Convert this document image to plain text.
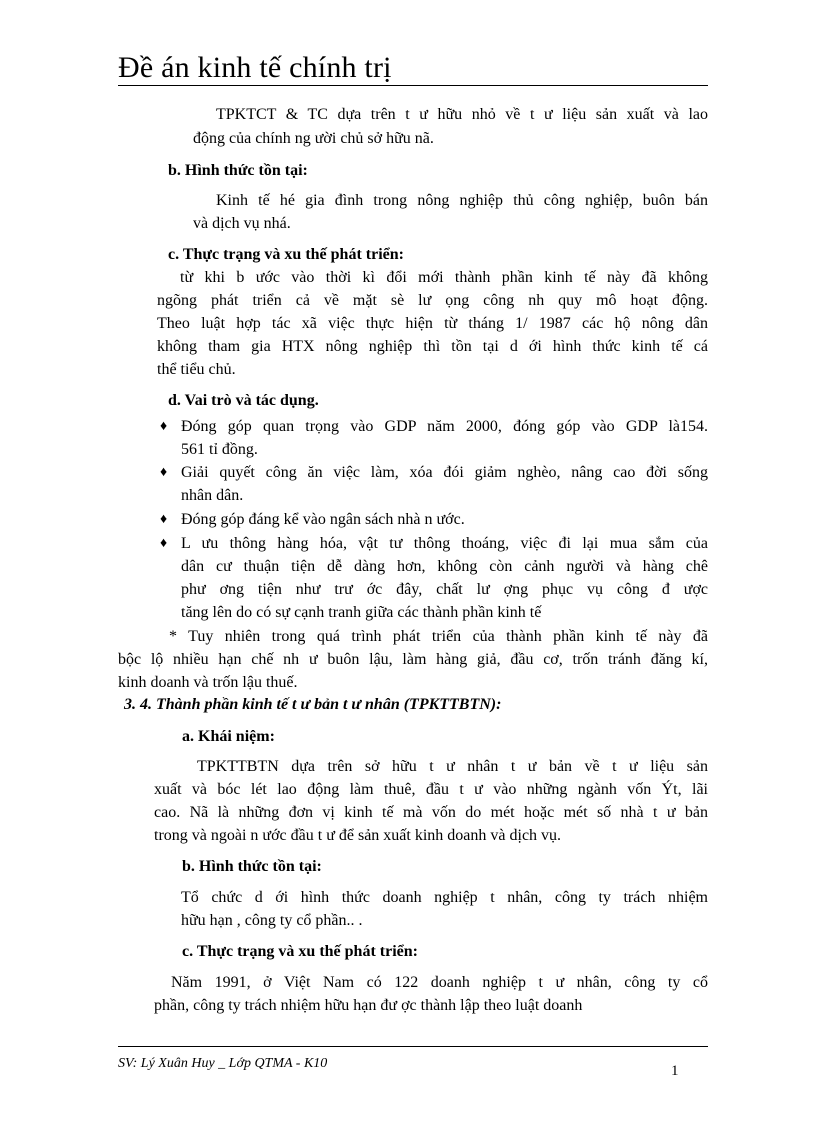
Đề án kinh tế chính trị

TPKTCT & TC dựa trên t ư hữu nhỏ về t ư liệu sản xuất và lao

động của chính ng ười chủ sở hữu nã.

b. Hình thức tồn tại:

Kinh tế hé gia đình trong nông nghiệp thủ công nghiệp, buôn bán

và dịch vụ nhá.

c. Thực trạng và xu thế phát triển:

từ khi b ước vào thời kì đổi mới thành phần kinh tế này đã không

ngõng phát triển cả về mặt sè lư ọng công nh quy mô hoạt động.

Theo luật hợp tác xã việc thực hiện từ tháng 1/ 1987 các hộ nông dân

không tham gia HTX nông nghiệp thì tồn tại d ới hình thức kinh tế cá

thể tiểu chủ.

d. Vai trò và tác dụng.

♦ Đóng góp quan trọng vào GDP năm 2000, đóng góp vào GDP là154.

561 tỉ đồng.

♦ Giải quyết công ăn việc làm, xóa đói giảm nghèo, nâng cao đời sống

nhân dân.

♦ Đóng góp đáng kể vào ngân sách nhà n ước.

♦ L ưu thông hàng hóa, vật tư thông thoáng, việc đi lại mua sắm của

dân cư thuận tiện dễ dàng hơn, không còn cảnh người và hàng chê

phư ơng tiện như trư ớc đây, chất lư ợng phục vụ công đ ược

tăng lên do có sự cạnh tranh giữa các thành phần kinh tế

* Tuy nhiên trong quá trình phát triển của thành phần kinh tế này đã

bộc lộ nhiều hạn chế nh ư buôn lậu, làm hàng giả, đầu cơ, trốn tránh đăng kí,

kinh doanh và trốn lậu thuế.

3. 4. Thành phần kinh tế t ư bản t ư nhân (TPKTTBTN):

a. Khái niệm:

TPKTTBTN dựa trên sở hữu t ư nhân t ư bản về t ư liệu sản

xuất và bóc lét lao động làm thuê, đầu t ư vào những ngành vốn Ýt, lãi

cao. Nã là những đơn vị kinh tế mà vốn do mét hoặc mét số nhà t ư bản

trong và ngoài n ước đầu t ư để sản xuất kinh doanh và dịch vụ.

b. Hình thức tồn tại:

Tổ chức d ới hình thức doanh nghiệp t nhân, công ty trách nhiệm

hữu hạn , công ty cổ phần.. .

c. Thực trạng và xu thế phát triển:

Năm 1991, ở Việt Nam có 122 doanh nghiệp t ư nhân, công ty cổ

phần, công ty trách nhiệm hữu hạn đư ợc thành lập theo luật doanh

SV: Lý Xuân Huy _ Lớp QTMA - K10	1
